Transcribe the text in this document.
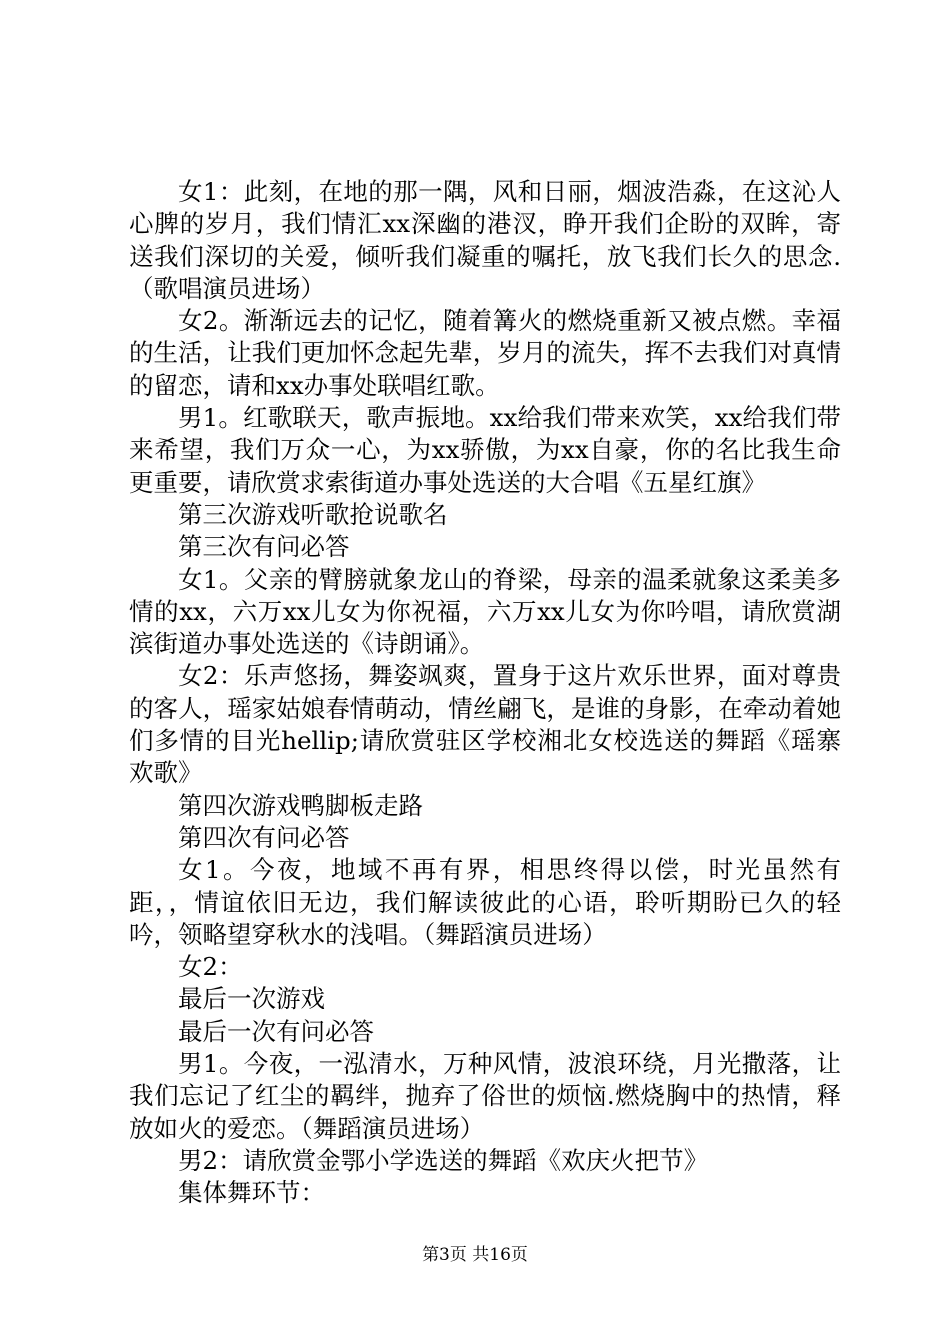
女1：此刻，在地的那一隅，风和日丽，烟波浩淼，在这沁人心脾的岁月，我们情汇xx深幽的港汊，睁开我们企盼的双眸，寄送我们深切的关爱，倾听我们凝重的嘱托，放飞我们长久的思念.（歌唱演员进场）

女2。渐渐远去的记忆，随着篝火的燃烧重新又被点燃。幸福的生活，让我们更加怀念起先辈，岁月的流失，挥不去我们对真情的留恋，请和xx办事处联唱红歌。

男1。红歌联天，歌声振地。xx给我们带来欢笑，xx给我们带来希望，我们万众一心，为xx骄傲，为xx自豪，你的名比我生命更重要，请欣赏求索街道办事处选送的大合唱《五星红旗》

第三次游戏听歌抢说歌名

第三次有问必答

女1。父亲的臂膀就象龙山的脊梁，母亲的温柔就象这柔美多情的xx，六万xx儿女为你祝福，六万xx儿女为你吟唱，请欣赏湖滨街道办事处选送的《诗朗诵》。

女2：乐声悠扬，舞姿飒爽，置身于这片欢乐世界，面对尊贵的客人，瑶家姑娘春情萌动，情丝翩飞，是谁的身影，在牵动着她们多情的目光hellip;请欣赏驻区学校湘北女校选送的舞蹈《瑶寨欢歌》

第四次游戏鸭脚板走路

第四次有问必答

女1。今夜，地域不再有界，相思终得以偿，时光虽然有距，，情谊依旧无边，我们解读彼此的心语，聆听期盼已久的轻吟，领略望穿秋水的浅唱。（舞蹈演员进场）

女2：

最后一次游戏

最后一次有问必答

男1。今夜，一泓清水，万种风情，波浪环绕，月光撒落，让我们忘记了红尘的羁绊，抛弃了俗世的烦恼.燃烧胸中的热情，释放如火的爱恋。（舞蹈演员进场）

男2：请欣赏金鄂小学选送的舞蹈《欢庆火把节》

集体舞环节：

第3页 共16页
